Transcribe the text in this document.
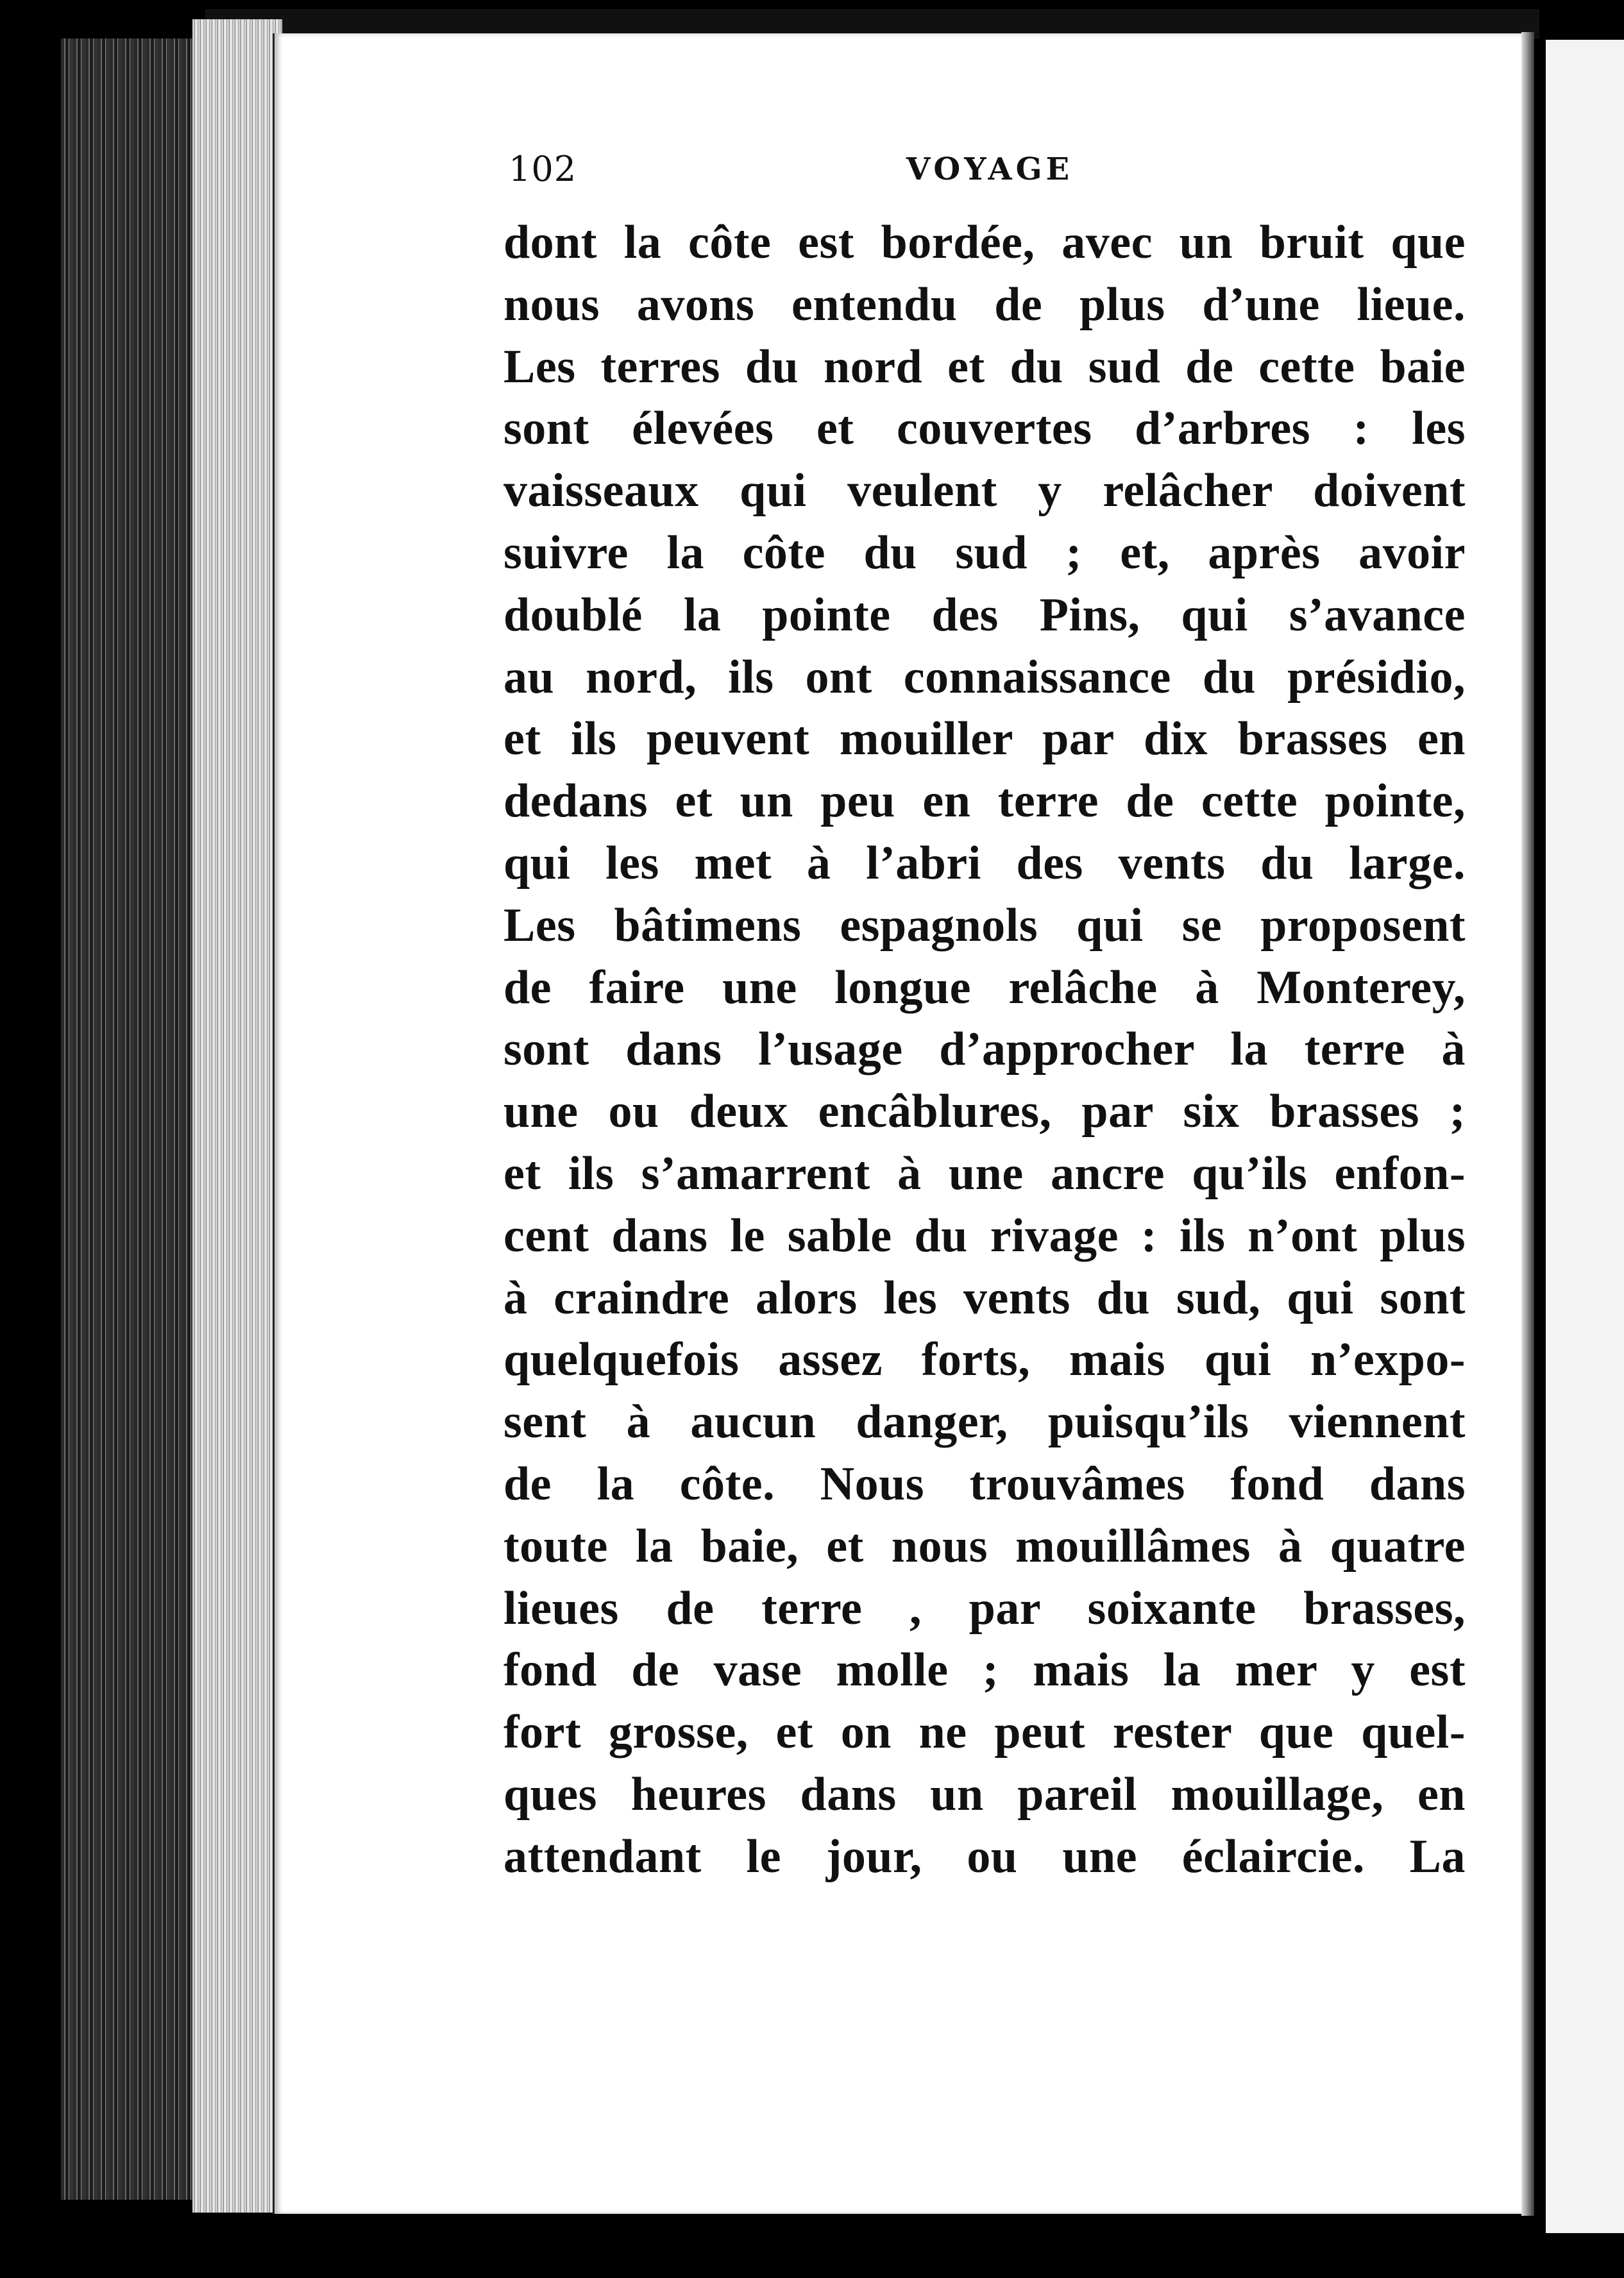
102	VOYAGE
dont la côte est bordée, avec un bruit que
nous avons entendu de plus d’une lieue.
Les terres du nord et du sud de cette baie
sont élevées et couvertes d’arbres : les
vaisseaux qui veulent y relâcher doivent
suivre la côte du sud ; et, après avoir
doublé la pointe des Pins, qui s’avance
au nord, ils ont connaissance du présidio,
et ils peuvent mouiller par dix brasses en
dedans et un peu en terre de cette pointe,
qui les met à l’abri des vents du large.
Les bâtimens espagnols qui se proposent
de faire une longue relâche à Monterey,
sont dans l’usage d’approcher la terre à
une ou deux encâblures, par six brasses ;
et ils s’amarrent à une ancre qu’ils enfon-
cent dans le sable du rivage : ils n’ont plus
à craindre alors les vents du sud, qui sont
quelquefois assez forts, mais qui n’expo-
sent à aucun danger, puisqu’ils viennent
de la côte. Nous trouvâmes fond dans
toute la baie, et nous mouillâmes à quatre
lieues de terre , par soixante brasses,
fond de vase molle ; mais la mer y est
fort grosse, et on ne peut rester que quel-
ques heures dans un pareil mouillage, en
attendant le jour, ou une éclaircie. La
